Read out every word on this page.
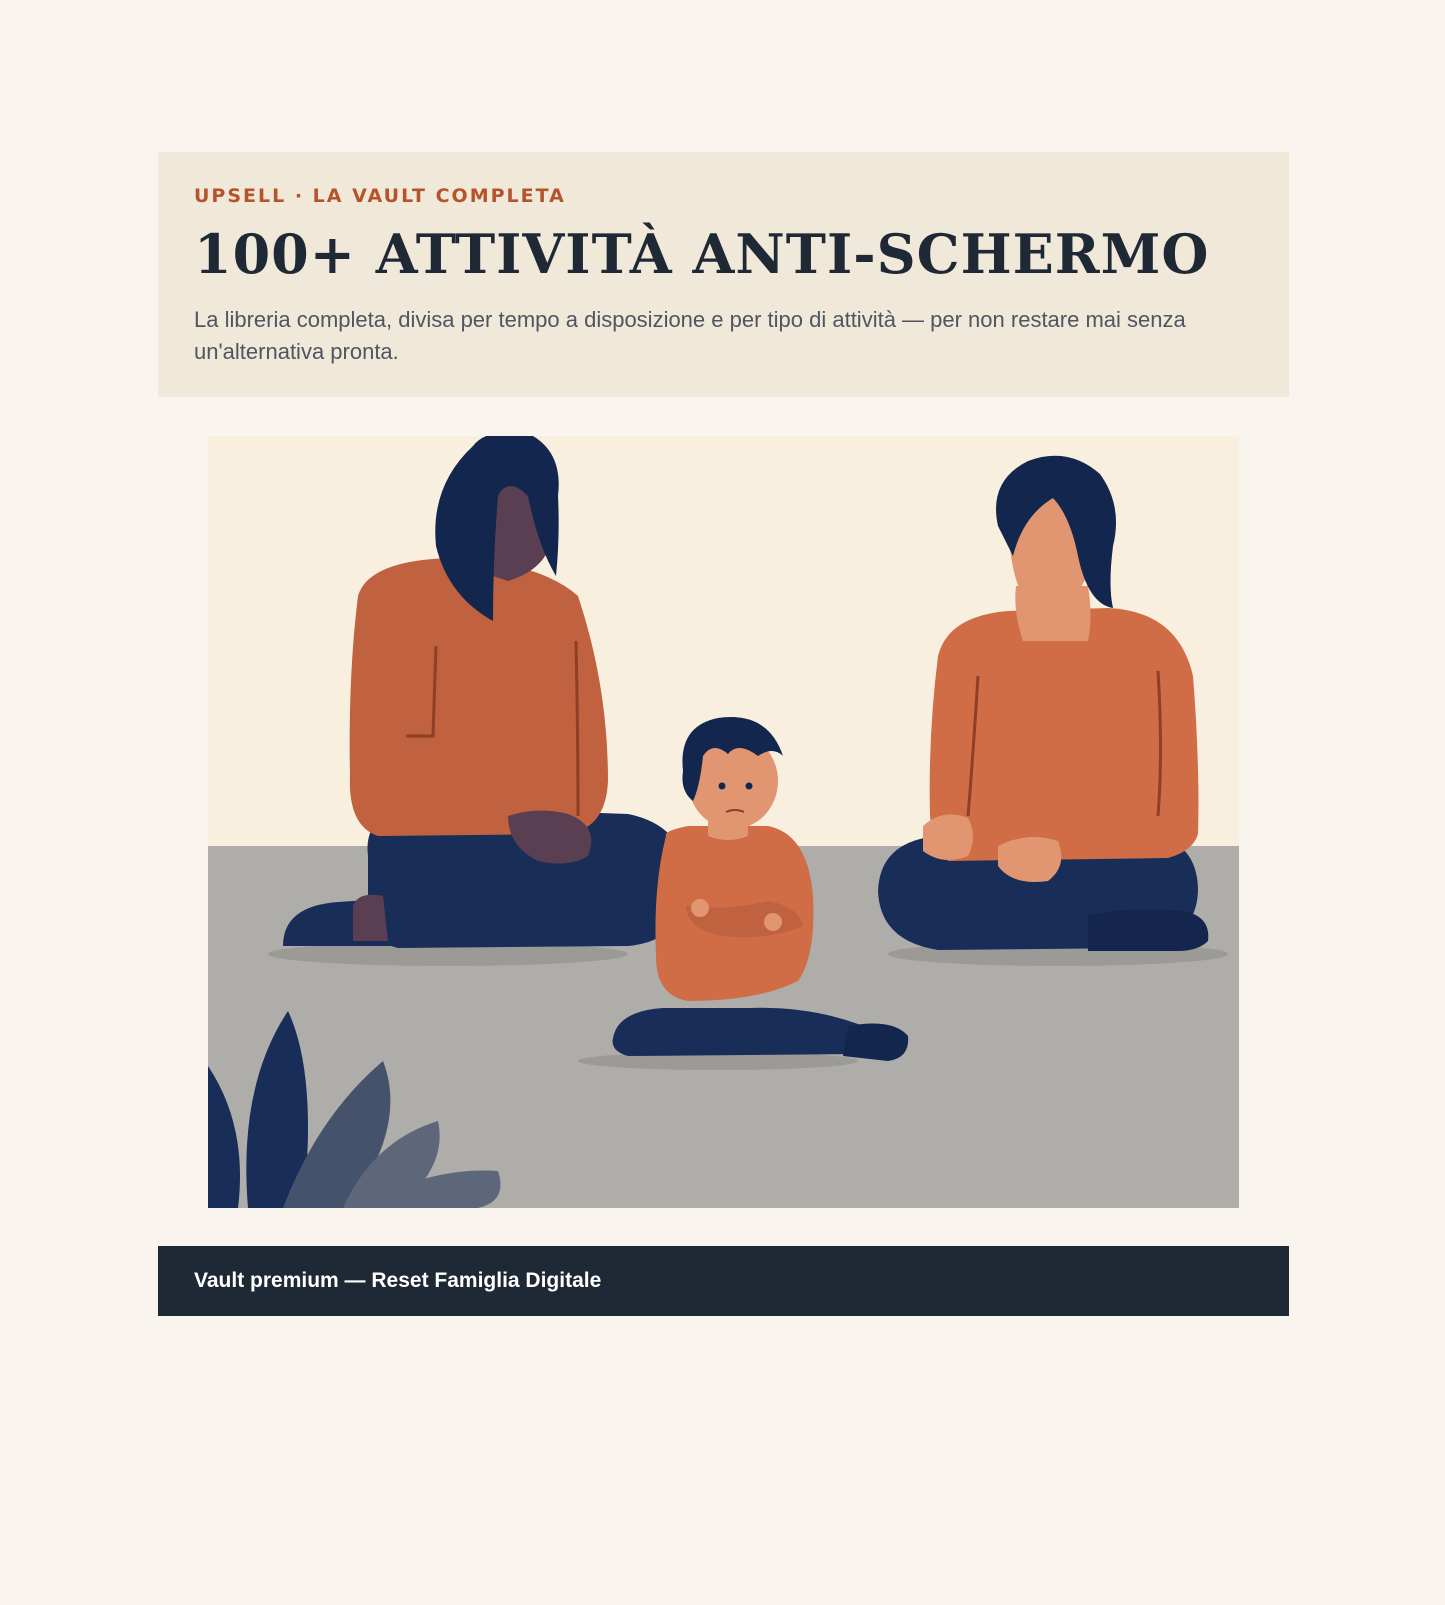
UPSELL · LA VAULT COMPLETA

100+ ATTIVITÀ ANTI-SCHERMO

La libreria completa, divisa per tempo a disposizione e per tipo di attività — per non restare mai senza un'alternativa pronta.

Vault premium — Reset Famiglia Digitale
